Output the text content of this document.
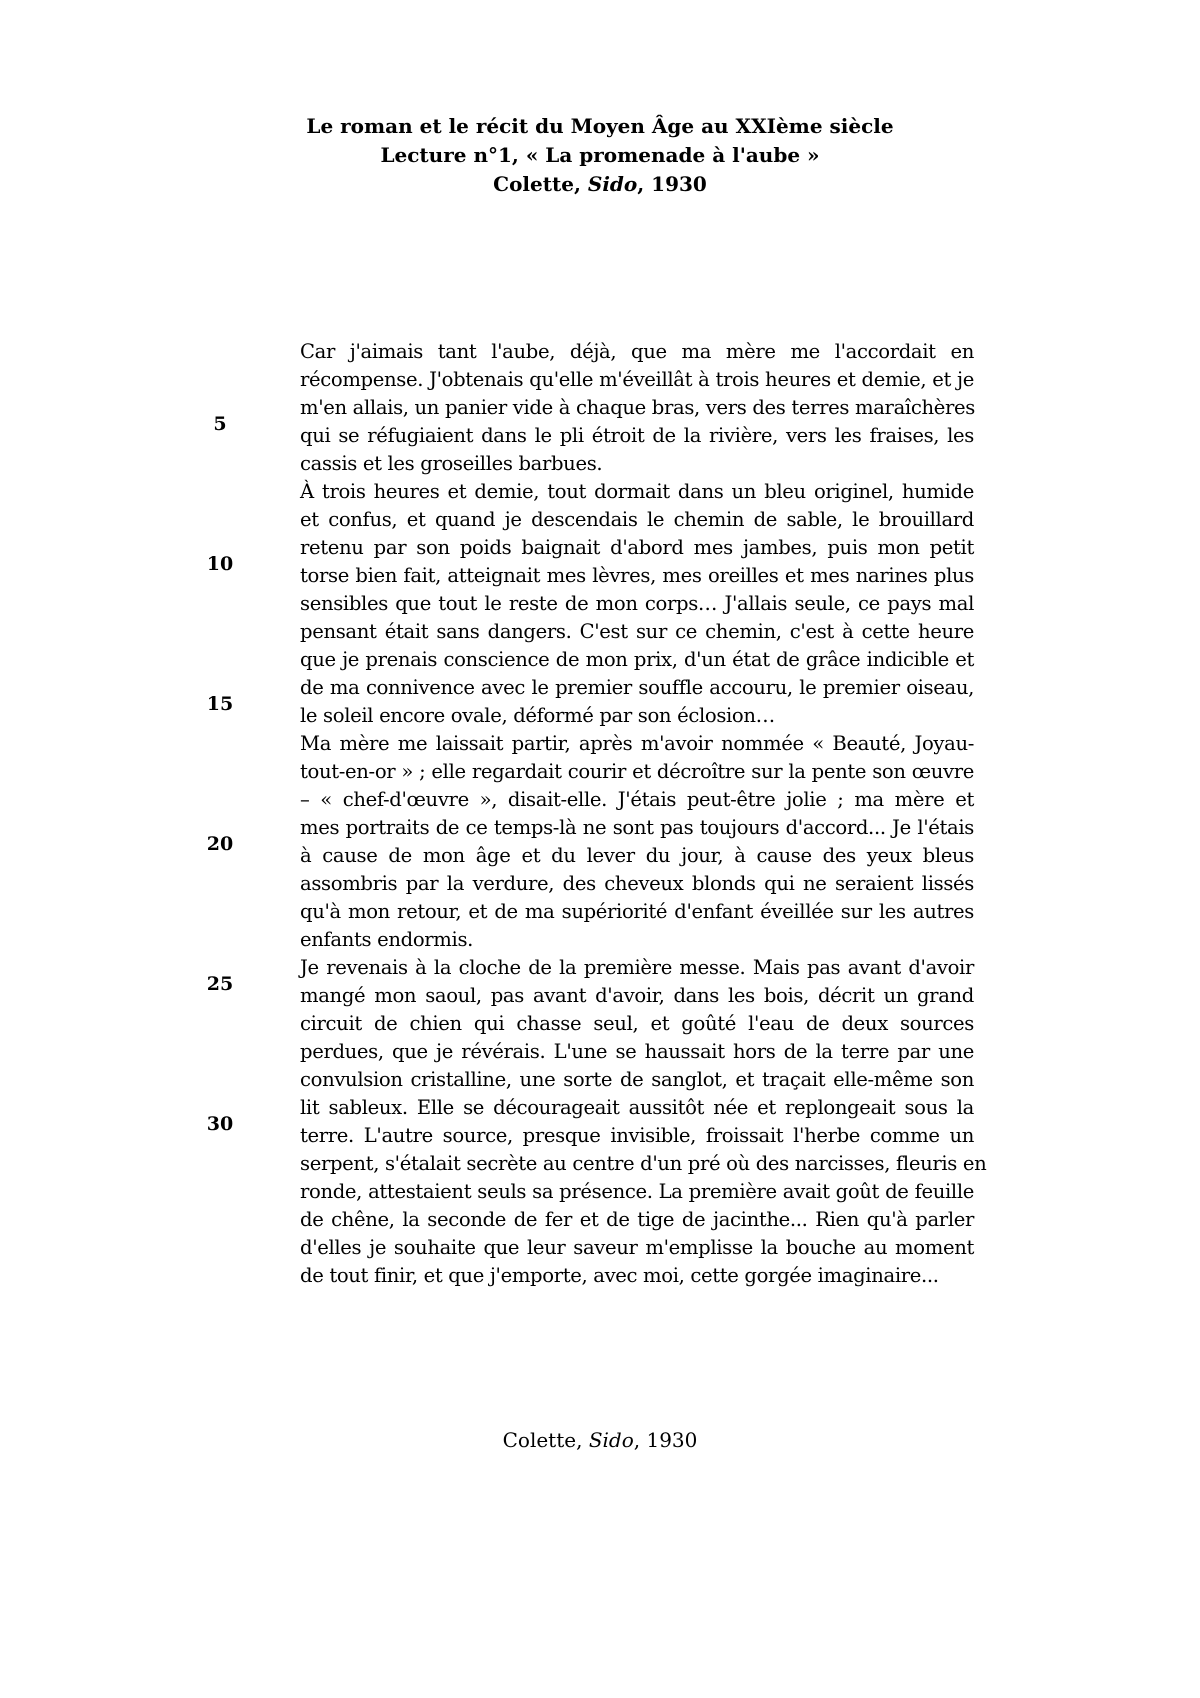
Le roman et le récit du Moyen Âge au XXIème siècle
Lecture n°1, « La promenade à l'aube »
Colette, Sido, 1930
5
10
15
20
25
30
Car j'aimais tant l'aube, déjà, que ma mère me l'accordait en
récompense. J'obtenais qu'elle m'éveillât à trois heures et demie, et je
m'en allais, un panier vide à chaque bras, vers des terres maraîchères
qui se réfugiaient dans le pli étroit de la rivière, vers les fraises, les
cassis et les groseilles barbues.
À trois heures et demie, tout dormait dans un bleu originel, humide
et confus, et quand je descendais le chemin de sable, le brouillard
retenu par son poids baignait d'abord mes jambes, puis mon petit
torse bien fait, atteignait mes lèvres, mes oreilles et mes narines plus
sensibles que tout le reste de mon corps… J'allais seule, ce pays mal
pensant était sans dangers. C'est sur ce chemin, c'est à cette heure
que je prenais conscience de mon prix, d'un état de grâce indicible et
de ma connivence avec le premier souffle accouru, le premier oiseau,
le soleil encore ovale, déformé par son éclosion…
Ma mère me laissait partir, après m'avoir nommée « Beauté, Joyau-
tout-en-or » ; elle regardait courir et décroître sur la pente son œuvre
– « chef-d'œuvre », disait-elle. J'étais peut-être jolie ; ma mère et
mes portraits de ce temps-là ne sont pas toujours d'accord... Je l'étais
à cause de mon âge et du lever du jour, à cause des yeux bleus
assombris par la verdure, des cheveux blonds qui ne seraient lissés
qu'à mon retour, et de ma supériorité d'enfant éveillée sur les autres
enfants endormis.
Je revenais à la cloche de la première messe. Mais pas avant d'avoir
mangé mon saoul, pas avant d'avoir, dans les bois, décrit un grand
circuit de chien qui chasse seul, et goûté l'eau de deux sources
perdues, que je révérais. L'une se haussait hors de la terre par une
convulsion cristalline, une sorte de sanglot, et traçait elle-même son
lit sableux. Elle se décourageait aussitôt née et replongeait sous la
terre. L'autre source, presque invisible, froissait l'herbe comme un
serpent, s'étalait secrète au centre d'un pré où des narcisses, fleuris en
ronde, attestaient seuls sa présence. La première avait goût de feuille
de chêne, la seconde de fer et de tige de jacinthe... Rien qu'à parler
d'elles je souhaite que leur saveur m'emplisse la bouche au moment
de tout finir, et que j'emporte, avec moi, cette gorgée imaginaire...
Colette, Sido, 1930
